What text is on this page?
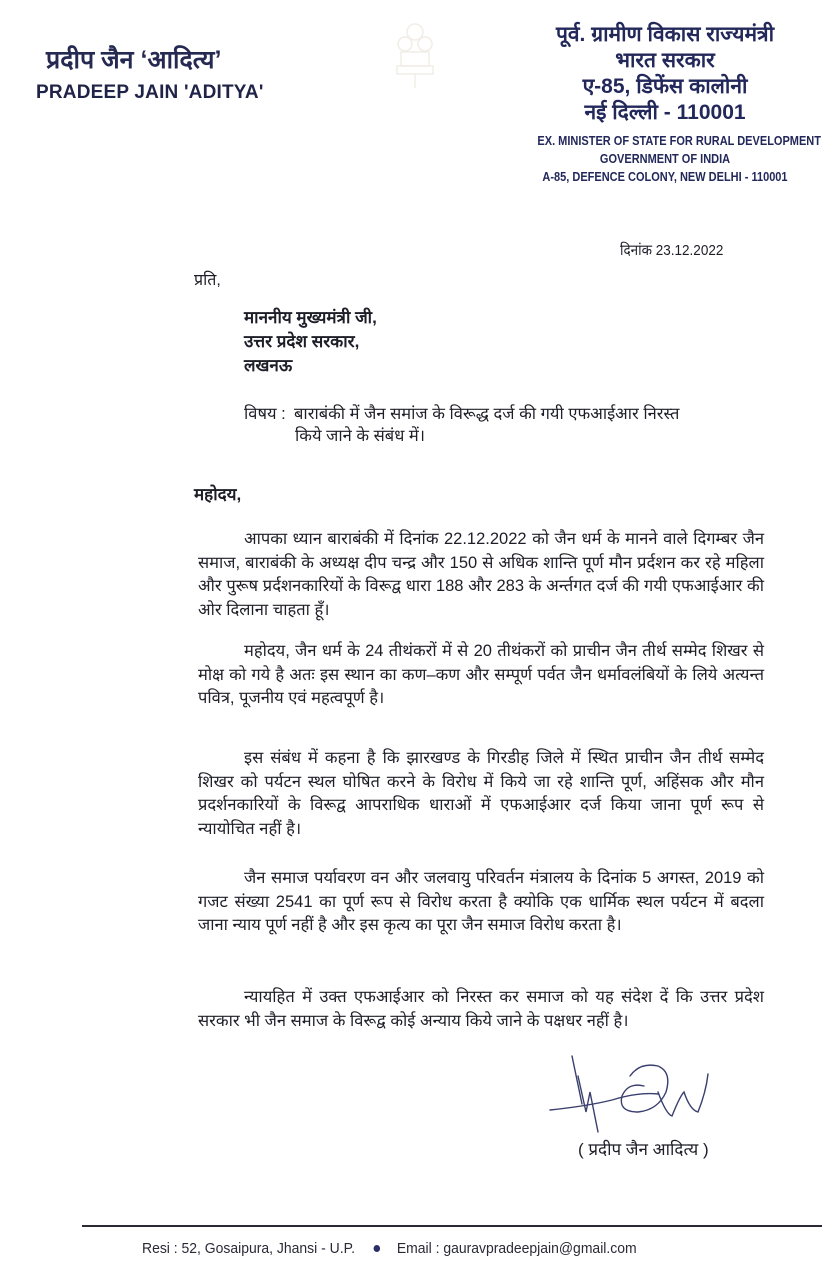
प्रदीप जैन ‘आदित्य’
PRADEEP JAIN 'ADITYA'
पूर्व. ग्रामीण विकास राज्यमंत्री
भारत सरकार
ए-85, डिफेंस कालोनी
नई दिल्ली - 110001
EX. MINISTER OF STATE FOR RURAL DEVELOPMENT
GOVERNMENT OF INDIA
A-85, DEFENCE COLONY, NEW DELHI - 110001
दिनांक 23.12.2022
प्रति,
माननीय मुख्यमंत्री जी,
उत्तर प्रदेश सरकार,
लखनऊ
विषय : बाराबंकी में जैन समांज के विरूद्ध दर्ज की गयी एफआईआर निरस्त
किये जाने के संबंध में।
महोदय,

आपका ध्यान बाराबंकी में दिनांक 22.12.2022 को जैन धर्म के मानने वाले दिगम्बर जैन समाज, बाराबंकी के अध्यक्ष दीप चन्द्र और 150 से अधिक शान्ति पूर्ण मौन प्रर्दशन कर रहे महिला और पुरूष प्रर्दशनकारियों के विरूद्व धारा 188 और 283 के अर्न्तगत दर्ज की गयी एफआईआर की ओर दिलाना चाहता हूँ।

महोदय, जैन धर्म के 24 तीथंकरों में से 20 तीथंकरों को प्राचीन जैन तीर्थ सम्मेद शिखर से मोक्ष को गये है अतः इस स्थान का कण–कण और सम्पूर्ण पर्वत जैन धर्मावलंबियों के लिये अत्यन्त पवित्र, पूजनीय एवं महत्वपूर्ण है।

इस संबंध में कहना है कि झारखण्ड के गिरडीह जिले में स्थित प्राचीन जैन तीर्थ सम्मेद शिखर को पर्यटन स्थल घोषित करने के विरोध में किये जा रहे शान्ति पूर्ण, अहिंसक और मौन प्रदर्शनकारियों के विरूद्व आपराधिक धाराओं में एफआईआर दर्ज किया जाना पूर्ण रूप से न्यायोचित नहीं है।

जैन समाज पर्यावरण वन और जलवायु परिवर्तन मंत्रालय के दिनांक 5 अगस्त, 2019 को गजट संख्या 2541 का पूर्ण रूप से विरोध करता है क्योकि एक धार्मिक स्थल पर्यटन में बदला जाना न्याय पूर्ण नहीं है और इस कृत्य का पूरा जैन समाज विरोध करता है।

न्यायहित में उक्त एफआईआर को निरस्त कर समाज को यह संदेश दें कि उत्तर प्रदेश सरकार भी जैन समाज के विरूद्व कोई अन्याय किये जाने के पक्षधर नहीं है।

( प्रदीप जैन आदित्य )
Resi : 52, Gosaipura, Jhansi - U.P.	Email : gauravpradeepjain@gmail.com
